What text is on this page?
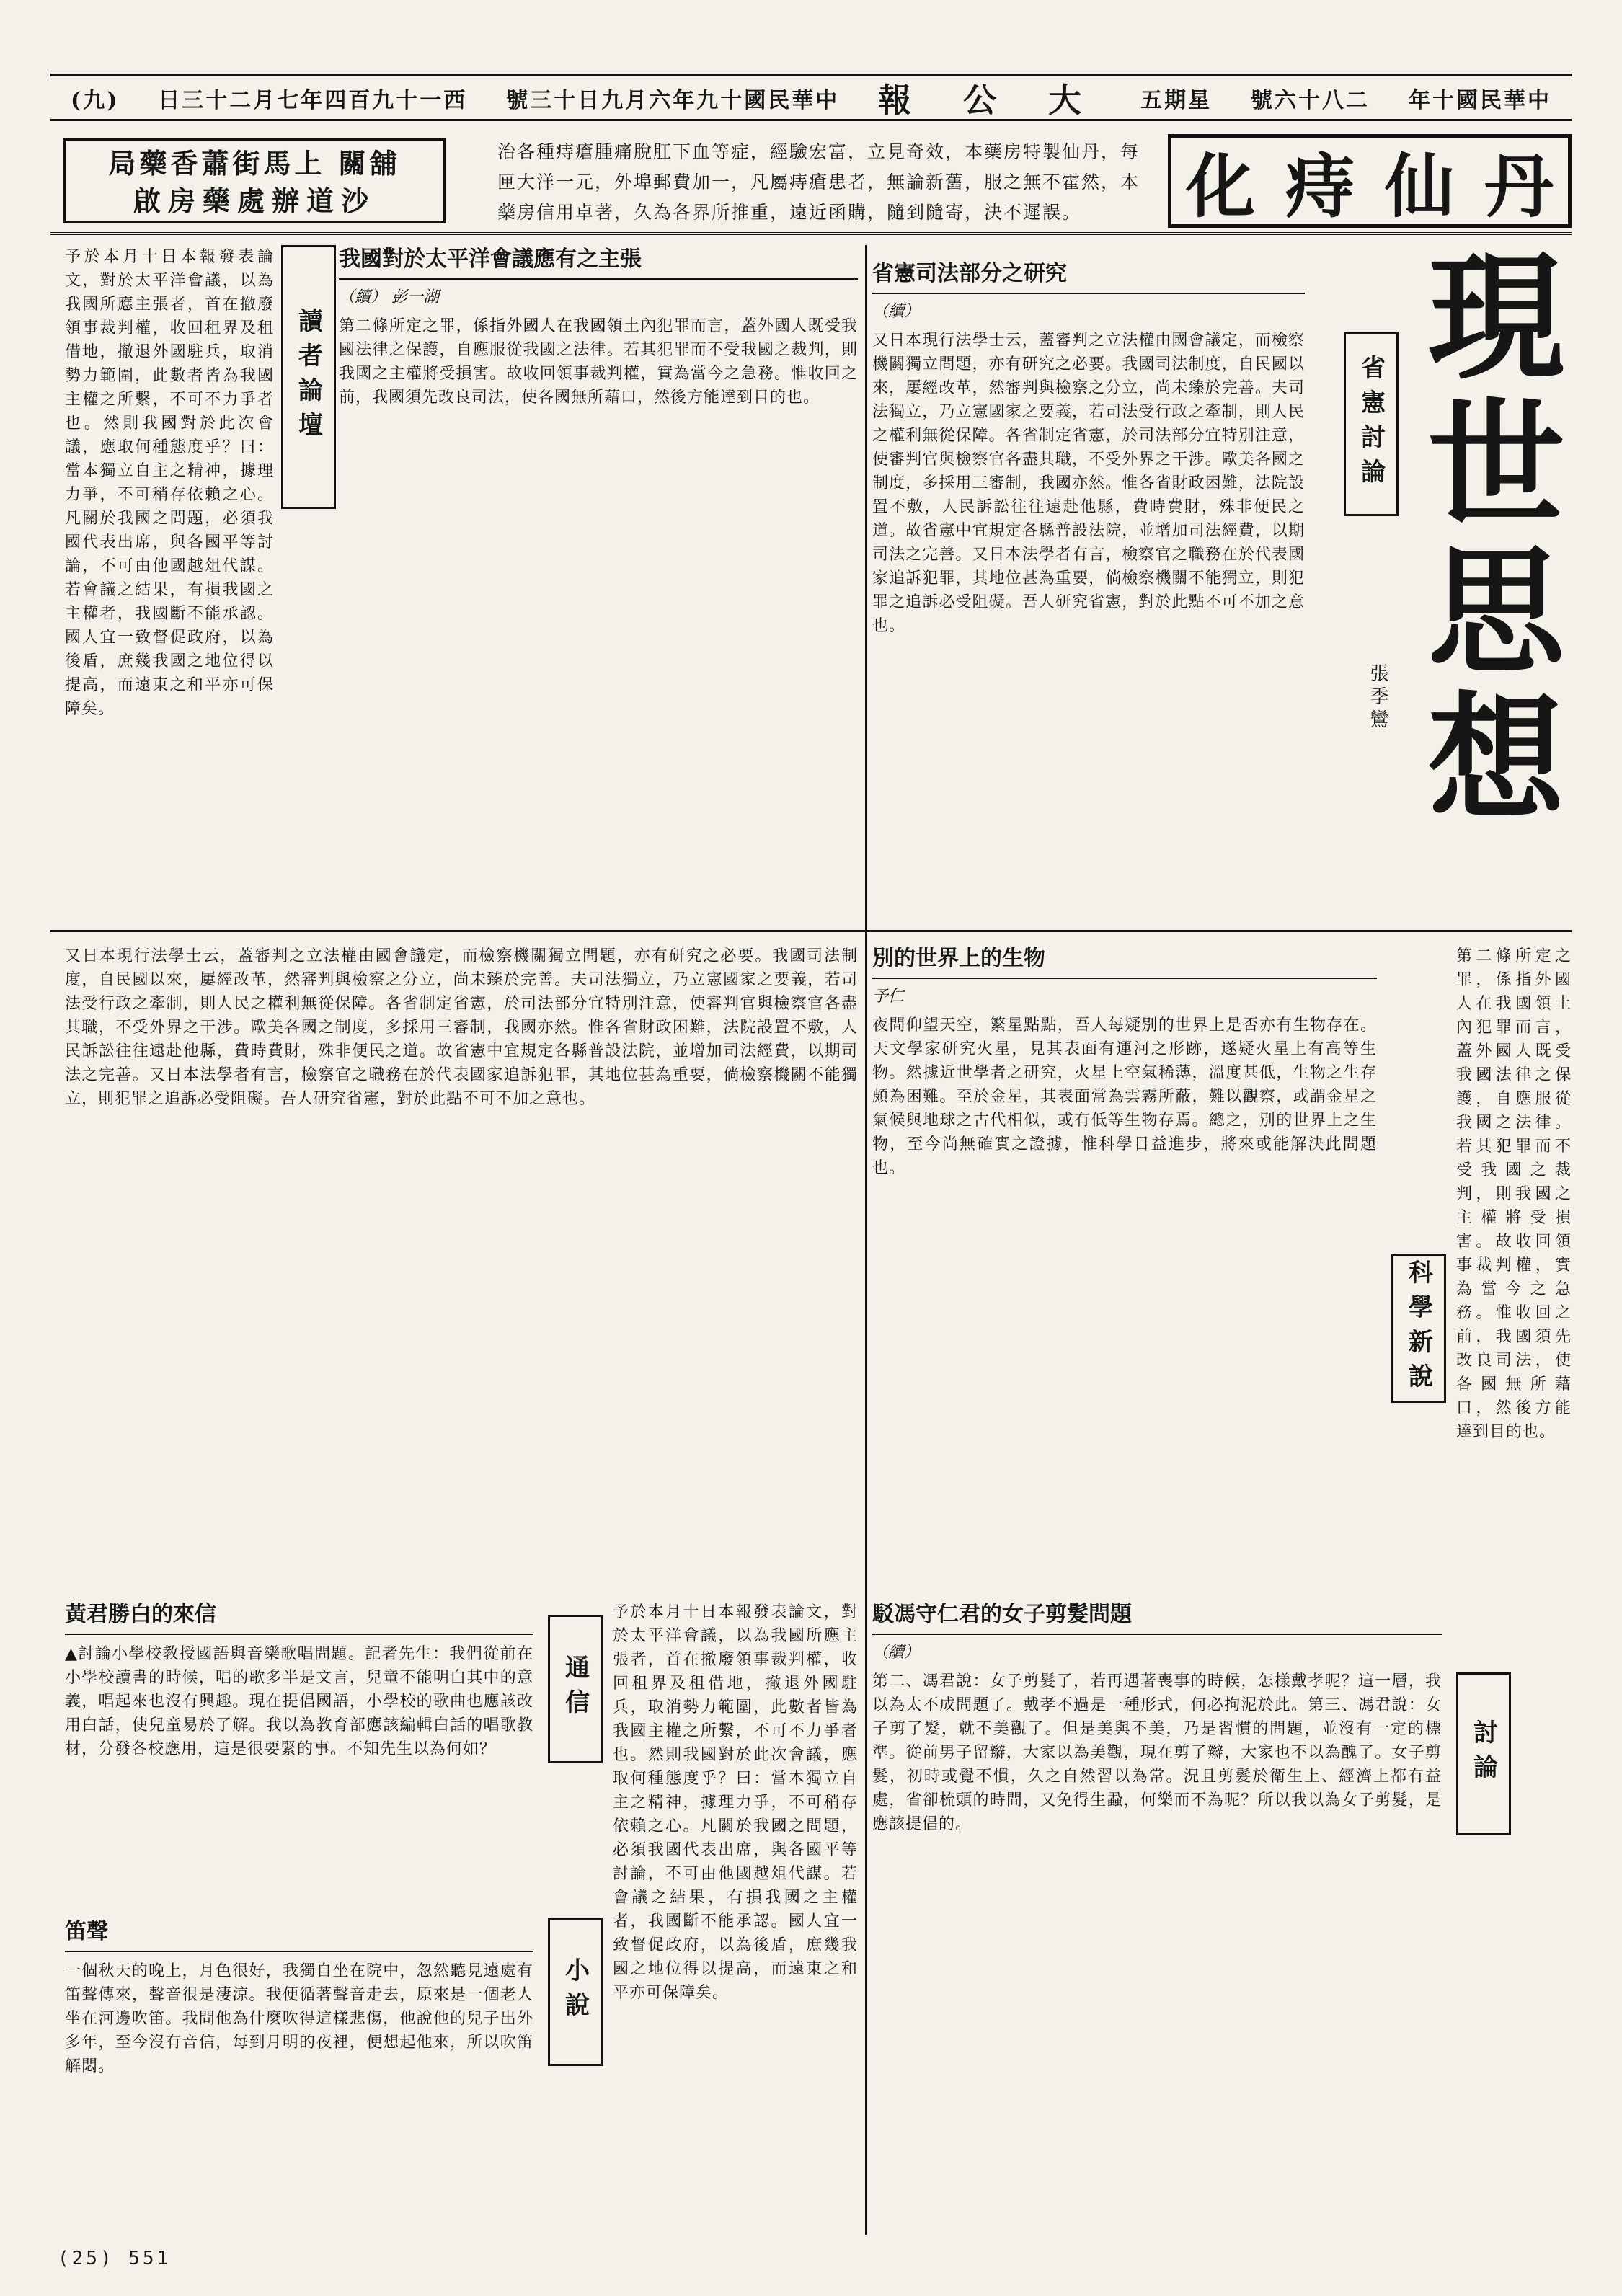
(九) 日三十二月七年四百九十一西 號三十日九月六年九十國民華中 報 公 大 五期星 號六十八二 年十國民華中
局藥香蕭街馬上 關舖
啟房藥處辦道沙
治各種痔瘡腫痛脫肛下血等症，經驗宏富，立見奇效，本藥房特製仙丹，每匣大洋一元，外埠郵費加一，凡屬痔瘡患者，無論新舊，服之無不霍然，本藥房信用卓著，久為各界所推重，遠近函購，隨到隨寄，決不遲誤。	化痔仙丹
現世思想
省憲討論
張季鸞
省憲司法部分之研究
（續）
又日本現行法學士云，蓋審判之立法權由國會議定，而檢察機關獨立問題，亦有研究之必要。我國司法制度，自民國以來，屢經改革，然審判與檢察之分立，尚未臻於完善。夫司法獨立，乃立憲國家之要義，若司法受行政之牽制，則人民之權利無從保障。各省制定省憲，於司法部分宜特別注意，使審判官與檢察官各盡其職，不受外界之干涉。歐美各國之制度，多採用三審制，我國亦然。惟各省財政困難，法院設置不敷，人民訴訟往往遠赴他縣，費時費財，殊非便民之道。故省憲中宜規定各縣普設法院，並增加司法經費，以期司法之完善。又日本法學者有言，檢察官之職務在於代表國家追訴犯罪，其地位甚為重要，倘檢察機關不能獨立，則犯罪之追訴必受阻礙。吾人研究省憲，對於此點不可不加之意也。
讀者論壇
予於本月十日本報發表論文，對於太平洋會議，以為我國所應主張者，首在撤廢領事裁判權，收回租界及租借地，撤退外國駐兵，取消勢力範圍，此數者皆為我國主權之所繫，不可不力爭者也。然則我國對於此次會議，應取何種態度乎？曰：當本獨立自主之精神，據理力爭，不可稍存依賴之心。凡關於我國之問題，必須我國代表出席，與各國平等討論，不可由他國越俎代謀。若會議之結果，有損我國之主權者，我國斷不能承認。國人宜一致督促政府，以為後盾，庶幾我國之地位得以提高，而遠東之和平亦可保障矣。
我國對於太平洋會議應有之主張
（續） 彭一湖
第二條所定之罪，係指外國人在我國領土內犯罪而言，蓋外國人既受我國法律之保護，自應服從我國之法律。若其犯罪而不受我國之裁判，則我國之主權將受損害。故收回領事裁判權，實為當今之急務。惟收回之前，我國須先改良司法，使各國無所藉口，然後方能達到目的也。
科學新說
別的世界上的生物
予仁
夜間仰望天空，繁星點點，吾人每疑別的世界上是否亦有生物存在。天文學家研究火星，見其表面有運河之形跡，遂疑火星上有高等生物。然據近世學者之研究，火星上空氣稀薄，溫度甚低，生物之生存頗為困難。至於金星，其表面常為雲霧所蔽，難以觀察，或謂金星之氣候與地球之古代相似，或有低等生物存焉。總之，別的世界上之生物，至今尚無確實之證據，惟科學日益進步，將來或能解決此問題也。
第二條所定之罪，係指外國人在我國領土內犯罪而言，蓋外國人既受我國法律之保護，自應服從我國之法律。若其犯罪而不受我國之裁判，則我國之主權將受損害。故收回領事裁判權，實為當今之急務。惟收回之前，我國須先改良司法，使各國無所藉口，然後方能達到目的也。
討論
駁馮守仁君的女子剪髮問題
（續）
第二、馮君說：女子剪髮了，若再遇著喪事的時候，怎樣戴孝呢？這一層，我以為太不成問題了。戴孝不過是一種形式，何必拘泥於此。第三、馮君說：女子剪了髮，就不美觀了。但是美與不美，乃是習慣的問題，並沒有一定的標準。從前男子留辮，大家以為美觀，現在剪了辮，大家也不以為醜了。女子剪髮，初時或覺不慣，久之自然習以為常。況且剪髮於衛生上、經濟上都有益處，省卻梳頭的時間，又免得生蝨，何樂而不為呢？所以我以為女子剪髮，是應該提倡的。
通信
黃君勝白的來信
▲討論小學校教授國語與音樂歌唱問題。記者先生：我們從前在小學校讀書的時候，唱的歌多半是文言，兒童不能明白其中的意義，唱起來也沒有興趣。現在提倡國語，小學校的歌曲也應該改用白話，使兒童易於了解。我以為教育部應該編輯白話的唱歌教材，分發各校應用，這是很要緊的事。不知先生以為何如？
小說
笛聲
一個秋天的晚上，月色很好，我獨自坐在院中，忽然聽見遠處有笛聲傳來，聲音很是淒涼。我便循著聲音走去，原來是一個老人坐在河邊吹笛。我問他為什麼吹得這樣悲傷，他說他的兒子出外多年，至今沒有音信，每到月明的夜裡，便想起他來，所以吹笛解悶。
予於本月十日本報發表論文，對於太平洋會議，以為我國所應主張者，首在撤廢領事裁判權，收回租界及租借地，撤退外國駐兵，取消勢力範圍，此數者皆為我國主權之所繫，不可不力爭者也。然則我國對於此次會議，應取何種態度乎？曰：當本獨立自主之精神，據理力爭，不可稍存依賴之心。凡關於我國之問題，必須我國代表出席，與各國平等討論，不可由他國越俎代謀。若會議之結果，有損我國之主權者，我國斷不能承認。國人宜一致督促政府，以為後盾，庶幾我國之地位得以提高，而遠東之和平亦可保障矣。
又日本現行法學士云，蓋審判之立法權由國會議定，而檢察機關獨立問題，亦有研究之必要。我國司法制度，自民國以來，屢經改革，然審判與檢察之分立，尚未臻於完善。夫司法獨立，乃立憲國家之要義，若司法受行政之牽制，則人民之權利無從保障。各省制定省憲，於司法部分宜特別注意，使審判官與檢察官各盡其職，不受外界之干涉。歐美各國之制度，多採用三審制，我國亦然。惟各省財政困難，法院設置不敷，人民訴訟往往遠赴他縣，費時費財，殊非便民之道。故省憲中宜規定各縣普設法院，並增加司法經費，以期司法之完善。又日本法學者有言，檢察官之職務在於代表國家追訴犯罪，其地位甚為重要，倘檢察機關不能獨立，則犯罪之追訴必受阻礙。吾人研究省憲，對於此點不可不加之意也。
(25) 551
